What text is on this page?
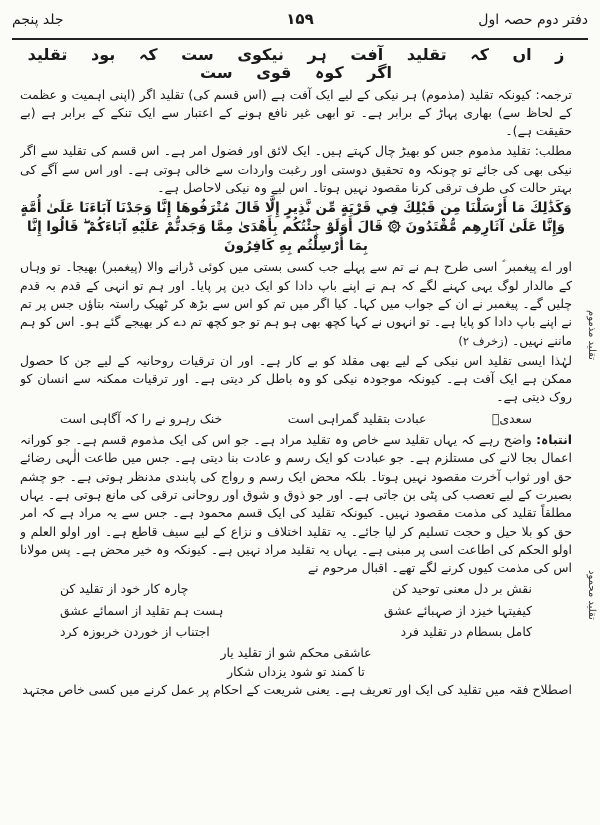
جلد پنجم	۱۵۹	دفتر دوم حصہ اول
تقلید مذموم
تقلید محمود
ز اں کہ تقلید آفت ہر نیکوی ست کہ بود تقلید اگر کوہ قوی ست

ترجمہ: کیونکہ تقلید (مذموم) ہر نیکی کے لیے ایک آفت ہے (اس قسم کی) تقلید اگر (اپنی اہمیت و عظمت کے لحاظ سے) بھاری پہاڑ کے برابر ہے۔ تو ابھی غیر نافع ہونے کے اعتبار سے ایک تنکے کے برابر ہے (بے حقیقت ہے)۔

مطلب: تقلید مذموم جس کو بھیڑ چال کہتے ہیں۔ ایک لائق اور فضول امر ہے۔ اس قسم کی تقلید سے اگر نیکی بھی کی جائے تو چونکہ وہ تحقیق دوستی اور رغبت واردات سے خالی ہوتی ہے۔ اور اس سے آگے کی بہتر حالت کی طرف ترقی کرنا مقصود نہیں ہوتا۔ اس لیے وہ نیکی لاحاصل ہے۔

وَكَذَٰلِكَ مَا أَرْسَلْنَا مِن قَبْلِكَ فِي قَرْيَةٍ مِّن نَّذِيرٍ إِلَّا قَالَ مُتْرَفُوهَا إِنَّا وَجَدْنَا آبَاءَنَا عَلَىٰ أُمَّةٍ وَإِنَّا عَلَىٰ آثَارِهِم مُّقْتَدُونَ ۞ قَالَ أَوَلَوْ جِئْتُكُم بِأَهْدَىٰ مِمَّا وَجَدتُّمْ عَلَيْهِ آبَاءَكُمْ ۖ قَالُوا إِنَّا بِمَا أُرْسِلْتُم بِهِ كَافِرُونَ

اور اے پیغمبر ؐ اسی طرح ہم نے تم سے پہلے جب کسی بستی میں کوئی ڈرانے والا (پیغمبر) بھیجا۔ تو وہاں کے مالدار لوگ یہی کہنے لگے کہ ہم نے اپنے باپ دادا کو ایک دین پر پایا۔ اور ہم تو انہی کے قدم بہ قدم چلیں گے۔ پیغمبر نے ان کے جواب میں کہا۔ کیا اگر میں تم کو اس سے بڑھ کر ٹھیک راستہ بتاؤں جس پر تم نے اپنے باپ دادا کو پایا ہے۔ تو انہوں نے کہا کچھ بھی ہو ہم تو جو کچھ تم دے کر بھیجے گئے ہو۔ اس کو ہم ماننے نہیں۔ (زخرف ۲)

لہٰذا ایسی تقلید اس نیکی کے لیے بھی مقلد کو بے کار ہے۔ اور ان ترقیات روحانیہ کے لیے جن کا حصول ممکن ہے ایک آفت ہے۔ کیونکہ موجودہ نیکی کو وہ باطل کر دیتی ہے۔ اور ترقیات ممکنہ سے انسان کو روک دیتی ہے۔

سعدیؒ
عبادت بتقلید گمراہی است
خنک رہرو نے را کہ آگاہی است

انتباہ: واضح رہے کہ یہاں تقلید سے خاص وہ تقلید مراد ہے۔ جو اس کی ایک مذموم قسم ہے۔ جو کورانہ اعمال بجا لانے کی مستلزم ہے۔ جو عبادت کو ایک رسم و عادت بنا دیتی ہے۔ جس میں طاعت الٰہی رضائے حق اور ثواب آخرت مقصود نہیں ہوتا۔ بلکہ محض ایک رسم و رواج کی پابندی مدنظر ہوتی ہے۔ جو چشم بصیرت کے لیے تعصب کی پٹی بن جاتی ہے۔ اور جو ذوق و شوق اور روحانی ترقی کی مانع ہوتی ہے۔ یہاں مطلقاً تقلید کی مذمت مقصود نہیں۔ کیونکہ تقلید کی ایک قسم محمود ہے۔ جس سے یہ مراد ہے کہ امر حق کو بلا حیل و حجت تسلیم کر لیا جائے۔ یہ تقلید اختلاف و نزاع کے لیے سیف قاطع ہے۔ اور اولو العلم و اولو الحکم کی اطاعت اسی پر مبنی ہے۔ یہاں یہ تقلید مراد نہیں ہے۔ کیونکہ وہ خیر محض ہے۔ پس مولانا اس کی مذمت کیوں کرنے لگے تھے۔ اقبال مرحوم نے

نقش بر دل معنی توحید کن
چارہ کار خود از تقلید کن
کیفیتہا خیزد از صہبائے عشق
ہست ہم تقلید از اسمائے عشق
کامل بسطام در تقلید فرد
اجتناب از خوردن خربوزہ کرد
عاشقی محکم شو از تقلید یار
تا کمند تو شود یزداں شکار

اصطلاح فقہ میں تقلید کی ایک اور تعریف ہے۔ یعنی شریعت کے احکام پر عمل کرنے میں کسی خاص مجتہد
